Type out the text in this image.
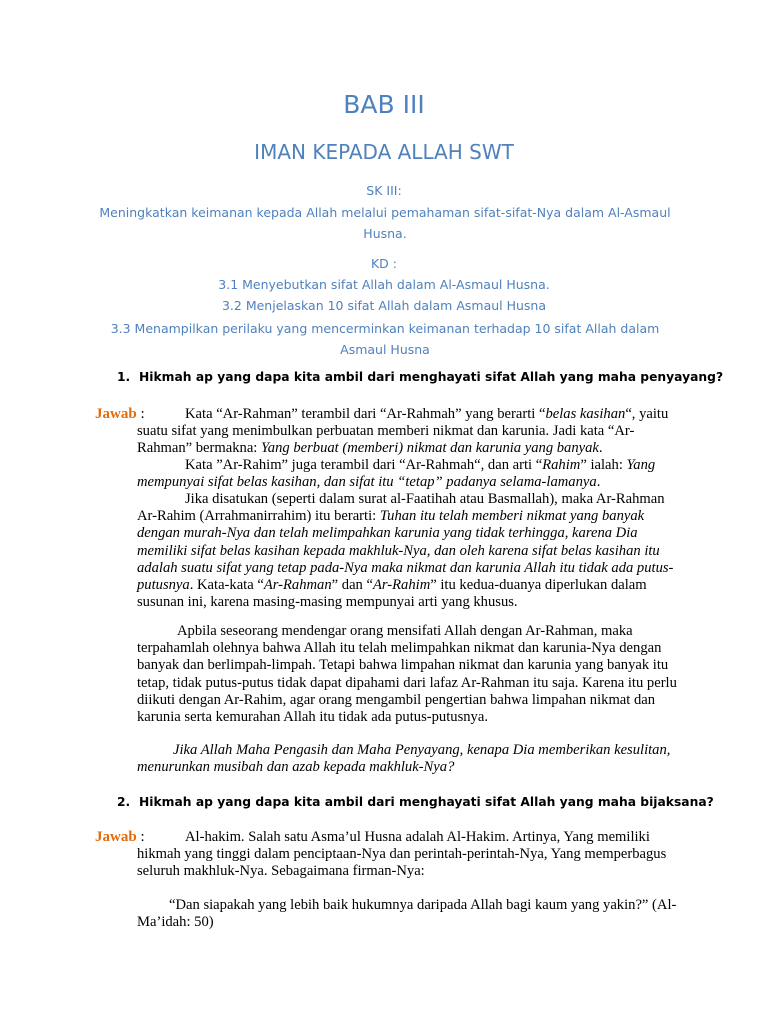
BAB III
IMAN KEPADA ALLAH SWT
SK III:
Meningkatkan keimanan kepada Allah melalui pemahaman sifat-sifat-Nya dalam Al-Asmaul Husna.
KD :
3.1 Menyebutkan sifat Allah dalam Al-Asmaul Husna.
3.2 Menjelaskan 10 sifat Allah dalam Asmaul Husna
3.3 Menampilkan perilaku yang mencerminkan keimanan terhadap 10 sifat Allah dalam Asmaul Husna
1. Hikmah ap yang dapa kita ambil dari menghayati sifat Allah yang maha penyayang?
Jawab :	Kata “Ar-Rahman” terambil dari “Ar-Rahmah” yang berarti “belas kasihan“, yaitu suatu sifat yang menimbulkan perbuatan memberi nikmat dan karunia. Jadi kata “Ar-Rahman” bermakna: Yang berbuat (memberi) nikmat dan karunia yang banyak.
Kata ”Ar-Rahim” juga terambil dari “Ar-Rahmah“, dan arti “Rahim” ialah: Yang mempunyai sifat belas kasihan, dan sifat itu “tetap” padanya selama-lamanya.
Jika disatukan (seperti dalam surat al-Faatihah atau Basmallah), maka Ar-Rahman Ar-Rahim (Arrahmanirrahim) itu berarti: Tuhan itu telah memberi nikmat yang banyak dengan murah-Nya dan telah melimpahkan karunia yang tidak terhingga, karena Dia memiliki sifat belas kasihan kepada makhluk-Nya, dan oleh karena sifat belas kasihan itu adalah suatu sifat yang tetap pada-Nya maka nikmat dan karunia Allah itu tidak ada putus-putusnya. Kata-kata “Ar-Rahman” dan “Ar-Rahim” itu kedua-duanya diperlukan dalam susunan ini, karena masing-masing mempunyai arti yang khusus.
Apbila seseorang mendengar orang mensifati Allah dengan Ar-Rahman, maka terpahamlah olehnya bahwa Allah itu telah melimpahkan nikmat dan karunia-Nya dengan banyak dan berlimpah-limpah. Tetapi bahwa limpahan nikmat dan karunia yang banyak itu tetap, tidak putus-putus tidak dapat dipahami dari lafaz Ar-Rahman itu saja. Karena itu perlu diikuti dengan Ar-Rahim, agar orang mengambil pengertian bahwa limpahan nikmat dan karunia serta kemurahan Allah itu tidak ada putus-putusnya.
Jika Allah Maha Pengasih dan Maha Penyayang, kenapa Dia memberikan kesulitan, menurunkan musibah dan azab kepada makhluk-Nya?
2. Hikmah ap yang dapa kita ambil dari menghayati sifat Allah yang maha bijaksana?
Jawab :	Al-hakim. Salah satu Asma’ul Husna adalah Al-Hakim. Artinya, Yang memiliki hikmah yang tinggi dalam penciptaan-Nya dan perintah-perintah-Nya, Yang memperbagus seluruh makhluk-Nya. Sebagaimana firman-Nya:
“Dan siapakah yang lebih baik hukumnya daripada Allah bagi kaum yang yakin?” (Al-Ma’idah: 50)
